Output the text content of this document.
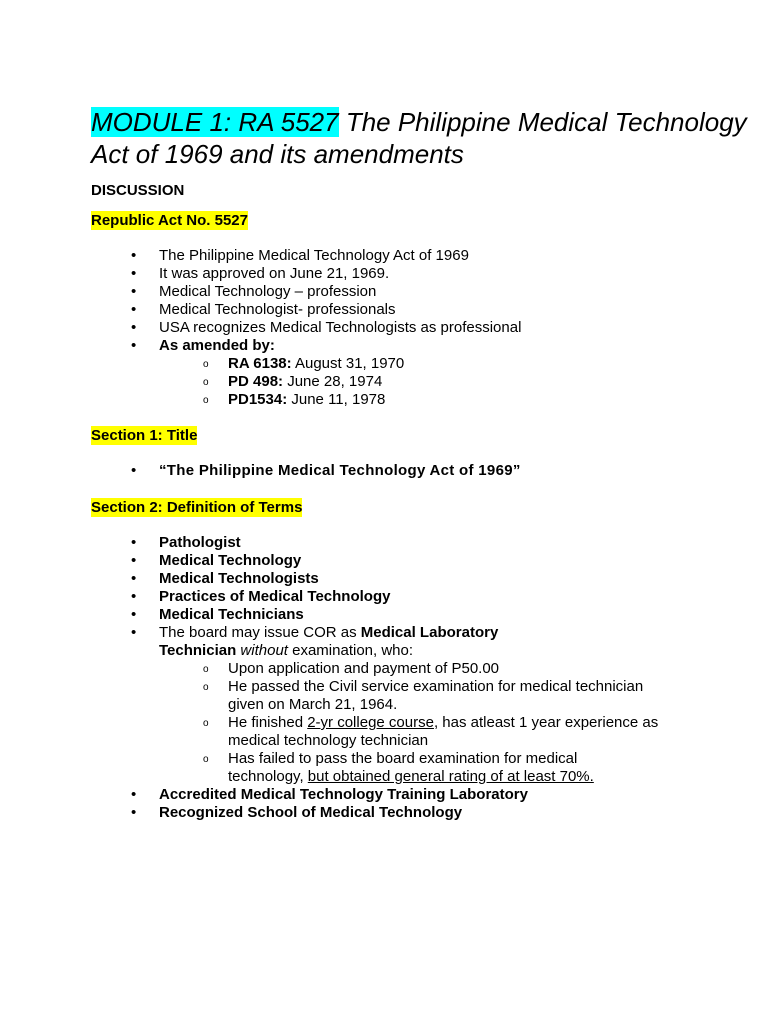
MODULE 1: RA 5527 The Philippine Medical Technology Act of 1969 and its amendments

DISCUSSION

Republic Act No. 5527

• The Philippine Medical Technology Act of 1969
• It was approved on June 21, 1969.
• Medical Technology – profession
• Medical Technologist- professionals
• USA recognizes Medical Technologists as professional
• As amended by:
o RA 6138: August 31, 1970
o PD 498: June 28, 1974
o PD1534: June 11, 1978

Section 1: Title

• “The Philippine Medical Technology Act of 1969”

Section 2: Definition of Terms

• Pathologist
• Medical Technology
• Medical Technologists
• Practices of Medical Technology
• Medical Technicians
• The board may issue COR as Medical Laboratory Technician without examination, who:
o Upon application and payment of P50.00
o He passed the Civil service examination for medical technician given on March 21, 1964.
o He finished 2-yr college course, has atleast 1 year experience as medical technology technician
o Has failed to pass the board examination for medical technology, but obtained general rating of at least 70%.
• Accredited Medical Technology Training Laboratory
• Recognized School of Medical Technology
